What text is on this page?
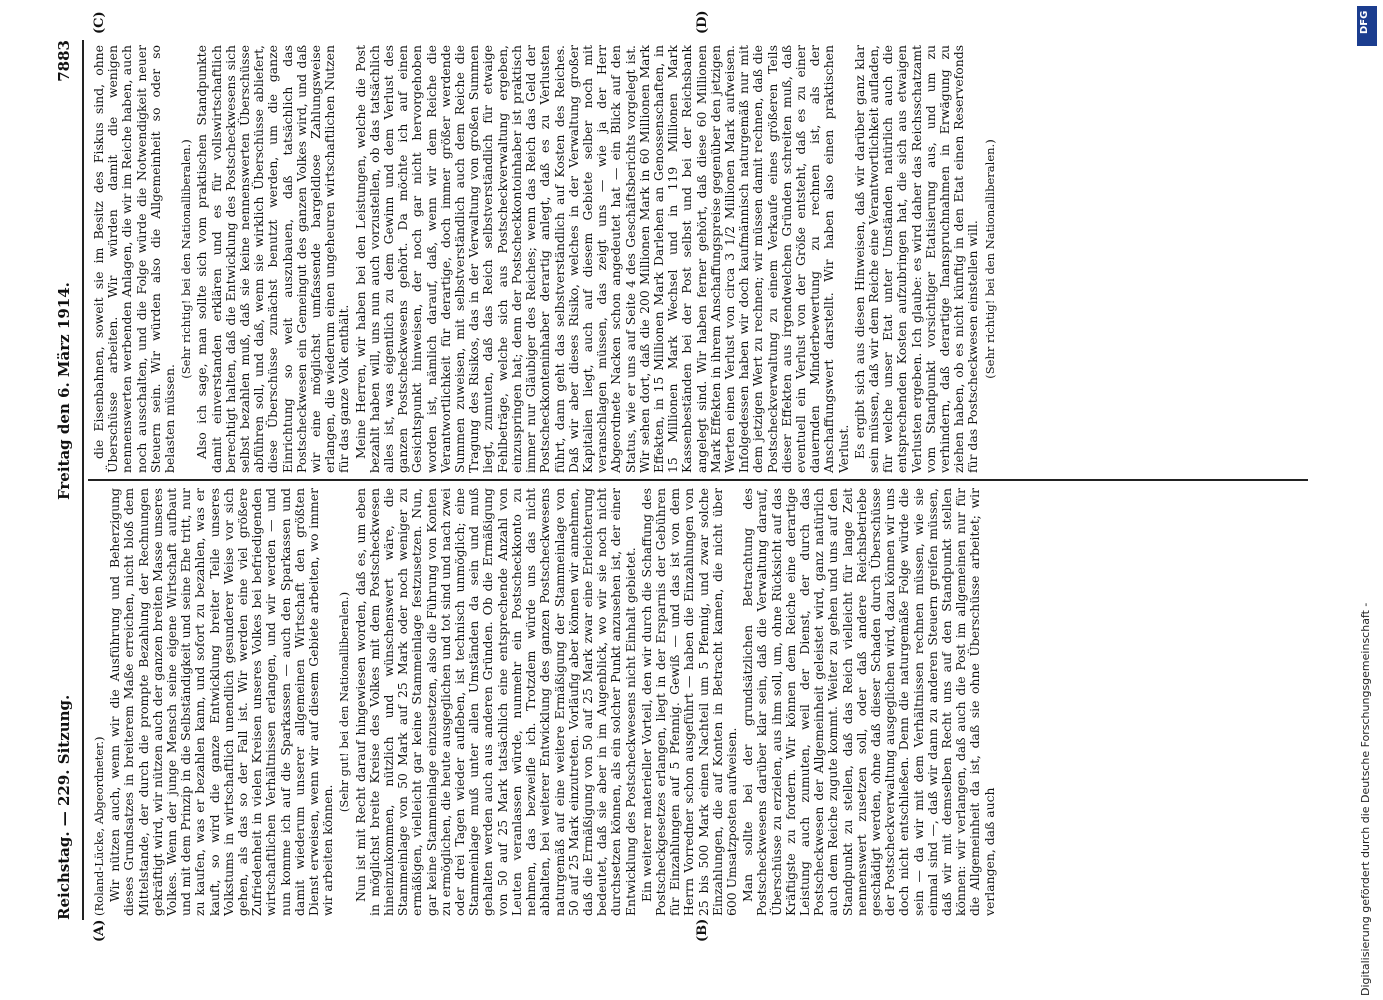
Reichstag. — 229. Sitzung.
Freitag den 6. März 1914.
7883
(A)	(B)
(C)	(D)

(Roland-Lücke, Abgeordneter.) Wir nützen auch, wenn wir die Ausführung und Beherzigung dieses Grundsatzes in breiterem Maße erreichen, nicht bloß dem Mittelstande, der durch die prompte Bezahlung der Rechnungen gekräftigt wird, wir nützen auch der ganzen breiten Masse unseres Volkes. Wenn der junge Mensch seine eigene Wirtschaft aufbaut und mit dem Prinzip in die Selbständigkeit und seine Ehe tritt, nur zu kaufen, was er bezahlen kann, und sofort zu bezahlen, was er kauft, so wird die ganze Entwicklung breiter Teile unseres Volkstums in wirtschaftlich unendlich gesunderer Weise vor sich gehen, als das so der Fall ist. Wir werden eine viel größere Zufriedenheit in vielen Kreisen unseres Volkes bei befriedigenden wirtschaftlichen Verhältnissen erlangen, und wir werden — und nun komme ich auf die Sparkassen — auch den Sparkassen und damit wiederum unserer allgemeinen Wirtschaft den größten Dienst erweisen, wenn wir auf diesem Gebiete arbeiten, wo immer wir arbeiten können.

(Sehr gut! bei den Nationalliberalen.) Nun ist mit Recht darauf hingewiesen worden, daß es, um eben in möglichst breite Kreise des Volkes mit dem Postscheckwesen hineinzukommen, nützlich und wünschenswert wäre, die Stammeinlage von 50 Mark auf 25 Mark oder noch weniger zu ermäßigen, vielleicht gar keine Stammeinlage festzusetzen. Nun, gar keine Stammeinlage einzusetzen, also die Führung von Konten zu ermöglichen, die heute ausgeglichen und tot sind und nach zwei oder drei Tagen wieder aufleben, ist technisch unmöglich; eine Stammeinlage muß unter allen Umständen da sein und muß gehalten werden auch aus anderen Gründen. Ob die Ermäßigung von 50 auf 25 Mark tatsächlich eine entsprechende Anzahl von Leuten veranlassen würde, nunmehr ein Postscheckkonto zu nehmen, das bezweifle ich. Trotzdem würde uns das nicht abhalten, bei weiterer Entwicklung des ganzen Postscheckwesens naturgemäß auf eine weitere Ermäßigung der Stammeinlage von 50 auf 25 Mark einzutreten. Vorläufig aber können wir annehmen, daß die Ermäßigung von 50 auf 25 Mark zwar eine Erleichterung bedeutet, daß sie aber in im Augenblick, wo wir sie noch nicht durchsetzen können, als ein solcher Punkt anzusehen ist, der einer Entwicklung des Postscheckwesens nicht Einhalt gebietet. Ein weiterer materieller Vorteil, den wir durch die Schaffung des Postscheckgesetzes erlangen, liegt in der Ersparnis der Gebühren für Einzahlungen auf 5 Pfennig. Gewiß — und das ist von dem Herrn Vorredner schon ausgeführt — haben die Einzahlungen von 25 bis 500 Mark einen Nachteil um 5 Pfennig, und zwar solche Einzahlungen, die auf Konten in Betracht kamen, die nicht über 600 Umsatzposten aufweisen. Man sollte bei der grundsätzlichen Betrachtung des Postscheckwesens darüber klar sein, daß die Verwaltung darauf, Überschüsse zu erzielen, aus ihm soll, um, ohne Rücksicht auf das Kräftigste zu fordern. Wir können dem Reiche eine derartige Leistung auch zumuten, weil der Dienst, der durch das Postscheckwesen der Allgemeinheit geleistet wird, ganz natürlich auch dem Reiche zugute kommt. Weiter zu gehen und uns auf den Standpunkt zu stellen, daß das Reich vielleicht für lange Zeit nennenswert zusetzen soll, oder daß andere Reichsbetriebe geschädigt werden, ohne daß dieser Schaden durch Überschüsse der Postscheckverwaltung ausgeglichen wird, dazu können wir uns doch nicht entschließen. Denn die naturgemäße Folge würde die sein — da wir mit dem Verhältnissen rechnen müssen, wie sie einmal sind —, daß wir dann zu anderen Steuern greifen müssen, daß wir mit demselben Recht uns auf den Standpunkt stellen können: wir verlangen, daß auch die Post im allgemeinen nur für die Allgemeinheit da ist, daß sie ohne Überschüsse arbeitet; wir verlangen, daß auch

die Eisenbahnen, soweit sie im Besitz des Fiskus sind, ohne Überschüsse arbeiten. Wir würden damit die wenigen nennenswerten werbenden Anlagen, die wir im Reiche haben, auch noch ausschalten, und die Folge würde die Notwendigkeit neuer Steuern sein. Wir würden also die Allgemeinheit so oder so belasten müssen.

(Sehr richtig! bei den Nationalliberalen.) Also ich sage, man sollte sich vom praktischen Standpunkte damit einverstanden erklären und es für vollswirtschaftlich berechtigt halten, daß die Entwicklung des Postscheckwesens sich selbst bezahlen muß, daß sie keine nennenswerten Überschüsse abführen soll, und daß, wenn sie wirklich Überschüsse abliefert, diese Überschüsse zunächst benutzt werden, um die ganze Einrichtung so weit auszubauen, daß tatsächlich das Postscheckwesen ein Gemeingut des ganzen Volkes wird, und daß wir eine möglichst umfassende bargeldlose Zahlungsweise erlangen, die wiederum einen ungeheuren wirtschaftlichen Nutzen für das ganze Volk enthält. Meine Herren, wir haben bei den Leistungen, welche die Post bezahlt haben will, uns nun auch vorzustellen, ob das tatsächlich alles ist, was eigentlich zu dem Gewinn und dem Verlust des ganzen Postscheckwesens gehört. Da möchte ich auf einen Gesichtspunkt hinweisen, der noch gar nicht hervorgehoben worden ist, nämlich darauf, daß, wenn wir dem Reiche die Verantwortlichkeit für derartige, doch immer größer werdende Summen zuweisen, mit selbstverständlich auch dem Reiche die Tragung des Risikos, das in der Verwaltung von großen Summen liegt, zumuten, daß das Reich selbstverständlich für etwaige Fehlbeträge, welche sich aus Postscheckverwaltung ergeben, einzuspringen hat; denn der Postscheckkontoinhaber ist praktisch immer nur Gläubiger des Reiches; wenn das Reich das Geld der Postscheckkonteninhaber derartig anlegt, daß es zu Verlusten führt, dann geht das selbstverständlich auf Kosten des Reiches. Daß wir aber dieses Risiko, welches in der Verwaltung großer Kapitalien liegt, auch auf diesem Gebiete selber noch mit veranschlagen müssen, das zeigt uns — wie ja der Herr Abgeordnete Nacken schon angedeutet hat — ein Blick auf den Status, wie er uns auf Seite 4 des Geschäftsberichts vorgelegt ist. Wir sehen dort, daß die 200 Millionen Mark in 60 Millionen Mark Effekten, in 15 Millionen Mark Darlehen an Genossenschaften, in 15 Millionen Mark Wechsel und in 119 Millionen Mark Kassenbeständen bei der Post selbst und bei der Reichsbank angelegt sind. Wir haben ferner gehört, daß diese 60 Millionen Mark Effekten in ihrem Anschaffungspreise gegenüber den jetzigen Werten einen Verlust von circa 3 1/2 Millionen Mark aufweisen. Infolgedessen haben wir doch kaufmännisch naturgemäß nur mit dem jetzigen Wert zu rechnen; wir müssen damit rechnen, daß die Postscheckverwaltung zu einem Verkaufe eines größeren Teils dieser Effekten aus irgendwelchen Gründen schreiten muß, daß eventuell ein Verlust von der Größe entsteht, daß es zu einer dauernden Minderbewertung zu rechnen ist, als der Anschaffungswert darstellt. Wir haben also einen praktischen Verlust. Es ergibt sich aus diesen Hinweisen, daß wir darüber ganz klar sein müssen, daß wir dem Reiche eine Verantwortlichkeit aufladen, für welche unser Etat unter Umständen natürlich auch die entsprechenden Kosten aufzubringen hat, die sich aus etwaigen Verlusten ergeben. Ich glaube: es wird daher das Reichsschatzamt vom Standpunkt vorsichtiger Etatisierung aus, und um zu verhindern, daß derartige Inanspruchnahmen in Erwägung zu ziehen haben, ob es nicht künftig in den Etat einen Reservefonds für das Postscheckwesen einstellen will. (Sehr richtig! bei den Nationalliberalen.)

Digitalisierung gefördert durch die Deutsche Forschungsgemeinschaft -
DFG
